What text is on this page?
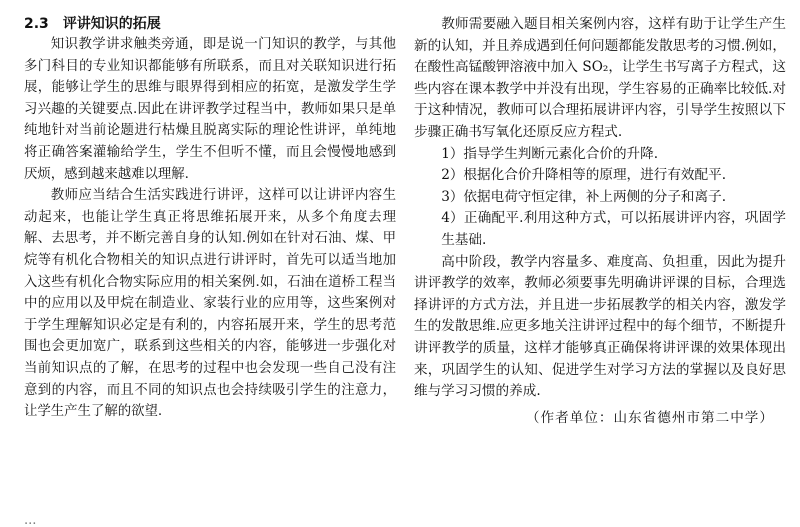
2.3 评讲知识的拓展

知识教学讲求触类旁通，即是说一门知识的教学，与其他多门科目的专业知识都能够有所联系，而且对关联知识进行拓展，能够让学生的思维与眼界得到相应的拓宽，是激发学生学习兴趣的关键要点.因此在讲评教学过程当中，教师如果只是单纯地针对当前论题进行枯燥且脱离实际的理论性讲评，单纯地将正确答案灌输给学生，学生不但听不懂，而且会慢慢地感到厌烦，感到越来越难以理解.

教师应当结合生活实践进行讲评，这样可以让讲评内容生动起来，也能让学生真正将思维拓展开来，从多个角度去理解、去思考，并不断完善自身的认知.例如在针对石油、煤、甲烷等有机化合物相关的知识点进行讲评时，首先可以适当地加入这些有机化合物实际应用的相关案例.如，石油在道桥工程当中的应用以及甲烷在制造业、家装行业的应用等，这些案例对于学生理解知识必定是有利的，内容拓展开来，学生的思考范围也会更加宽广，联系到这些相关的内容，能够进一步强化对当前知识点的了解，在思考的过程中也会发现一些自己没有注意到的内容，而且不同的知识点也会持续吸引学生的注意力，让学生产生了解的欲望.

教师需要融入题目相关案例内容，这样有助于让学生产生新的认知，并且养成遇到任何问题都能发散思考的习惯.例如，在酸性高锰酸钾溶液中加入 SO₂，让学生书写离子方程式，这些内容在课本教学中并没有出现，学生容易的正确率比较低.对于这种情况，教师可以合理拓展讲评内容，引导学生按照以下步骤正确书写氧化还原反应方程式.

1）指导学生判断元素化合价的升降.

2）根据化合价升降相等的原理，进行有效配平.

3）依据电荷守恒定律，补上两侧的分子和离子.

4）正确配平.利用这种方式，可以拓展讲评内容，巩固学生基础.

高中阶段，教学内容量多、难度高、负担重，因此为提升讲评教学的效率，教师必须要事先明确讲评课的目标，合理选择讲评的方式方法，并且进一步拓展教学的相关内容，激发学生的发散思维.应更多地关注讲评过程中的每个细节，不断提升讲评教学的质量，这样才能够真正确保将讲评课的效果体现出来，巩固学生的认知、促进学生对学习方法的掌握以及良好思维与学习习惯的养成.

（作者单位：山东省德州市第二中学）
...
